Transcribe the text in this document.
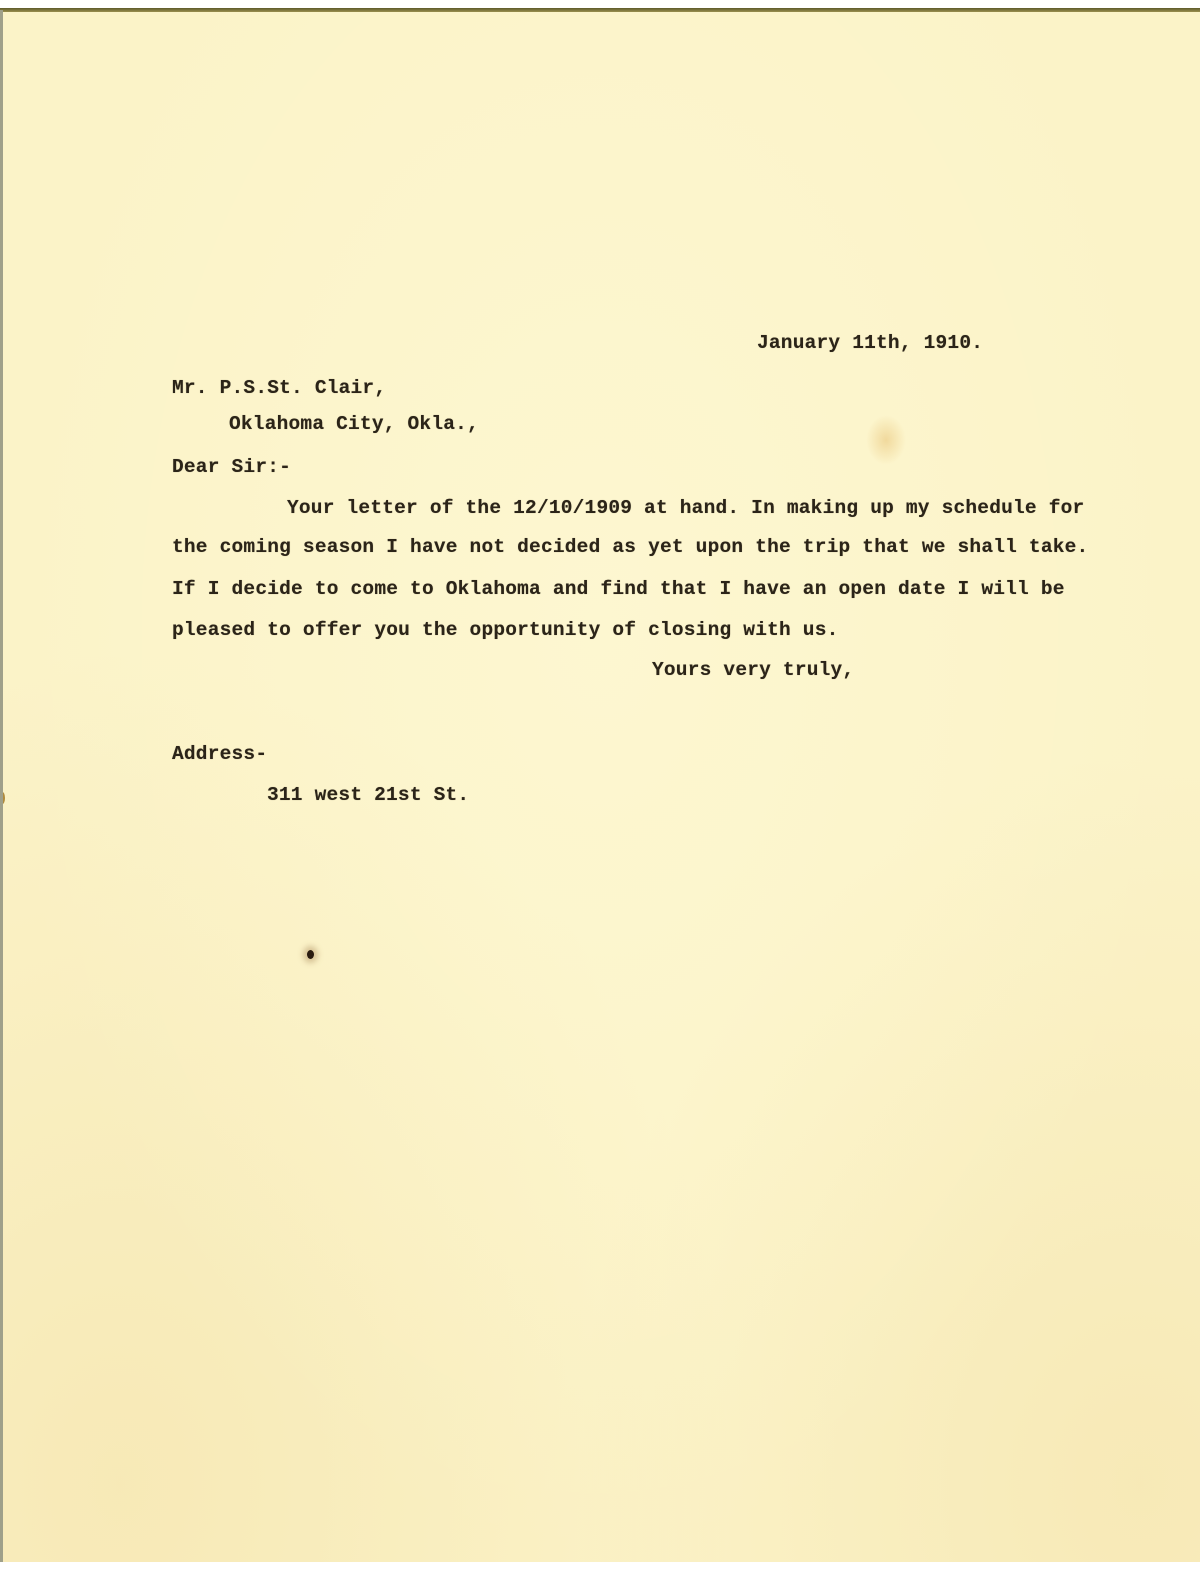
January 11th, 1910.
Mr. P.S.St. Clair,
Oklahoma City, Okla.,
Dear Sir:-
Your letter of the 12/10/1909 at hand. In making up my schedule for
the coming season I have not decided as yet upon the trip that we shall take.
If I decide to come to Oklahoma and find that I have an open date I will be
pleased to offer you the opportunity of closing with us.
Yours very truly,
Address-
311 west 21st St.
